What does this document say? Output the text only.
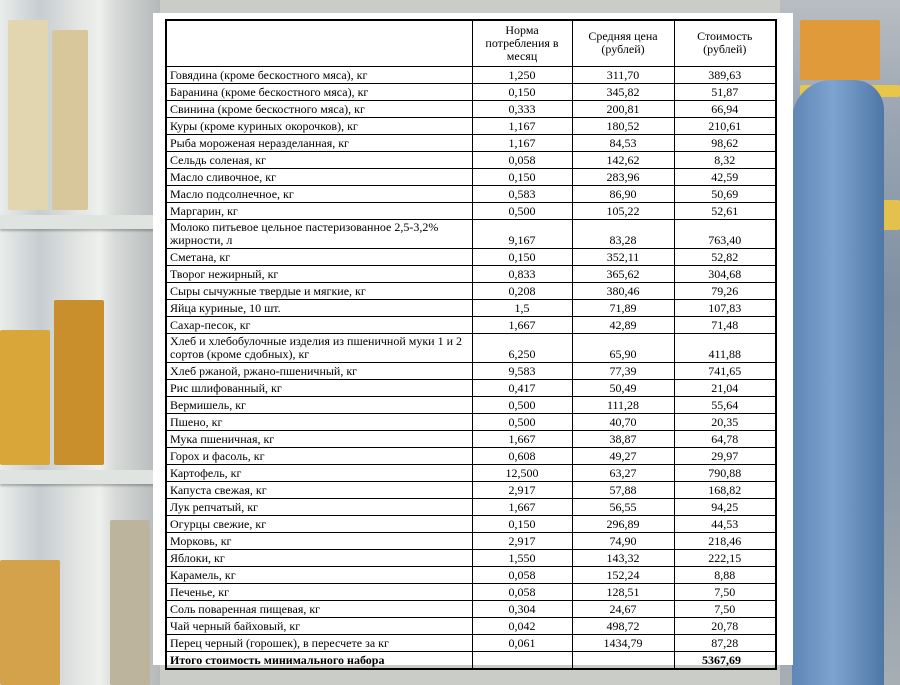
	Норма потребления в месяц	Средняя цена (рублей)	Стоимость (рублей)
Говядина (кроме бескостного мяса), кг	1,250	311,70	389,63
Баранина (кроме бескостного мяса), кг	0,150	345,82	51,87
Свинина (кроме бескостного мяса), кг	0,333	200,81	66,94
Куры (кроме куриных окорочков), кг	1,167	180,52	210,61
Рыба мороженая неразделанная, кг	1,167	84,53	98,62
Сельдь соленая, кг	0,058	142,62	8,32
Масло сливочное, кг	0,150	283,96	42,59
Масло подсолнечное, кг	0,583	86,90	50,69
Маргарин, кг	0,500	105,22	52,61
Молоко питьевое цельное пастеризованное 2,5-3,2% жирности, л	9,167	83,28	763,40
Сметана, кг	0,150	352,11	52,82
Творог нежирный, кг	0,833	365,62	304,68
Сыры сычужные твердые и мягкие, кг	0,208	380,46	79,26
Яйца куриные, 10 шт.	1,5	71,89	107,83
Сахар-песок, кг	1,667	42,89	71,48
Хлеб и хлебобулочные изделия из пшеничной муки 1 и 2 сортов (кроме сдобных), кг	6,250	65,90	411,88
Хлеб ржаной, ржано-пшеничный, кг	9,583	77,39	741,65
Рис шлифованный, кг	0,417	50,49	21,04
Вермишель, кг	0,500	111,28	55,64
Пшено, кг	0,500	40,70	20,35
Мука пшеничная, кг	1,667	38,87	64,78
Горох и фасоль, кг	0,608	49,27	29,97
Картофель, кг	12,500	63,27	790,88
Капуста свежая, кг	2,917	57,88	168,82
Лук репчатый, кг	1,667	56,55	94,25
Огурцы свежие, кг	0,150	296,89	44,53
Морковь, кг	2,917	74,90	218,46
Яблоки, кг	1,550	143,32	222,15
Карамель, кг	0,058	152,24	8,88
Печенье, кг	0,058	128,51	7,50
Соль поваренная пищевая, кг	0,304	24,67	7,50
Чай черный байховый, кг	0,042	498,72	20,78
Перец черный (горошек), в пересчете за кг	0,061	1434,79	87,28
Итого стоимость минимального набора			5367,69
